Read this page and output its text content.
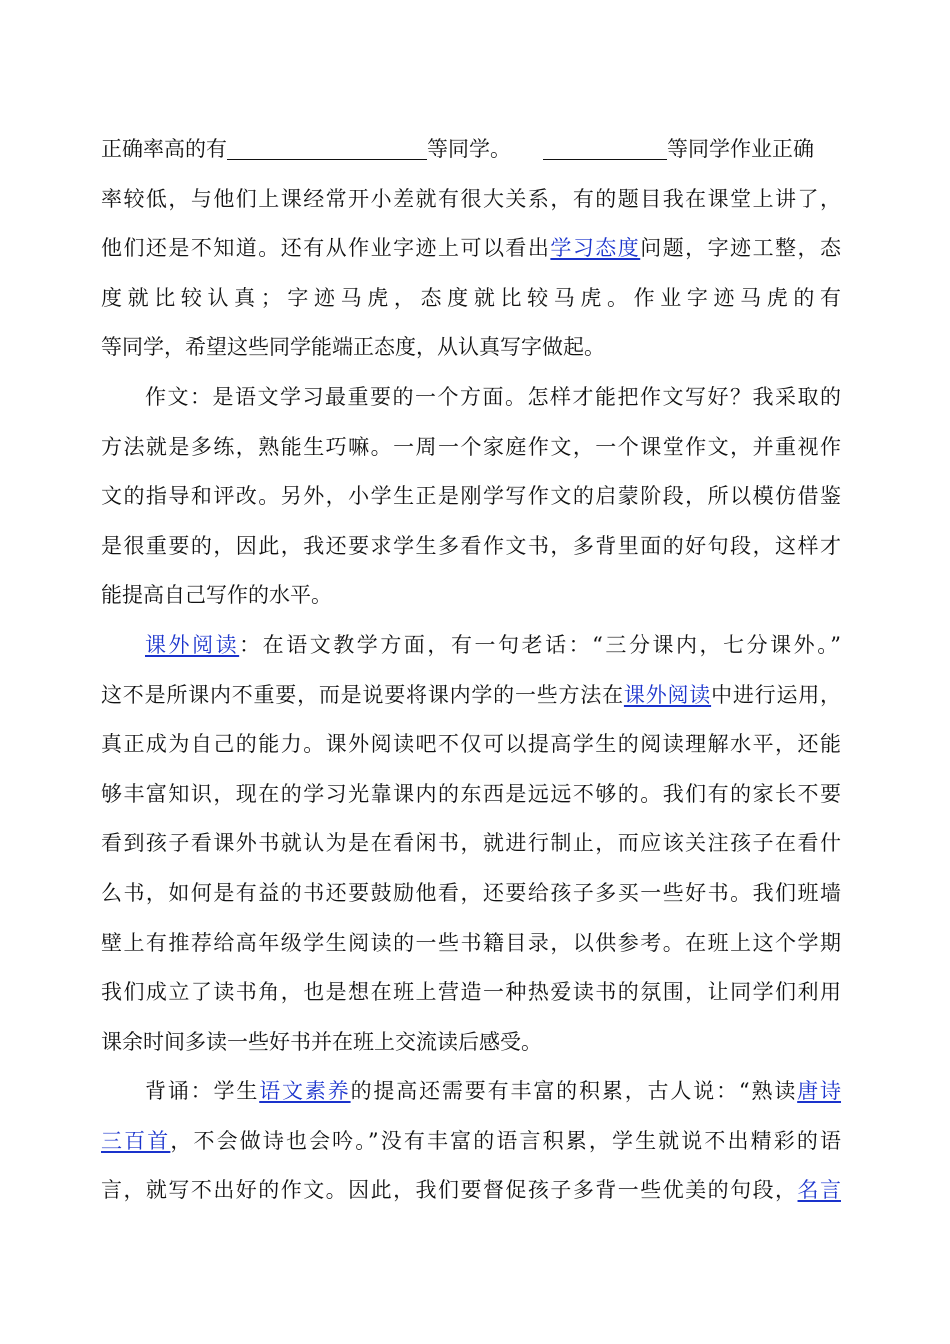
正确率高的有	等同学。	等同学作业正确
率较低，与他们上课经常开小差就有很大关系，有的题目我在课堂上讲了，
他们还是不知道。还有从作业字迹上可以看出学习态度问题，字迹工整，态
度就比较认真；字迹马虎，态度就比较马虎。作业字迹马虎的有
等同学，希望这些同学能端正态度，从认真写字做起。
作文：是语文学习最重要的一个方面。怎样才能把作文写好？我采取的
方法就是多练，熟能生巧嘛。一周一个家庭作文，一个课堂作文，并重视作
文的指导和评改。另外，小学生正是刚学写作文的启蒙阶段，所以模仿借鉴
是很重要的，因此，我还要求学生多看作文书，多背里面的好句段，这样才
能提高自己写作的水平。
课外阅读：在语文教学方面，有一句老话：“三分课内，七分课外。”
这不是所课内不重要，而是说要将课内学的一些方法在课外阅读中进行运用，
真正成为自己的能力。课外阅读吧不仅可以提高学生的阅读理解水平，还能
够丰富知识，现在的学习光靠课内的东西是远远不够的。我们有的家长不要
看到孩子看课外书就认为是在看闲书，就进行制止，而应该关注孩子在看什
么书，如何是有益的书还要鼓励他看，还要给孩子多买一些好书。我们班墙
壁上有推荐给高年级学生阅读的一些书籍目录，以供参考。在班上这个学期
我们成立了读书角，也是想在班上营造一种热爱读书的氛围，让同学们利用
课余时间多读一些好书并在班上交流读后感受。
背诵：学生语文素养的提高还需要有丰富的积累，古人说：“熟读唐诗
三百首，不会做诗也会吟。”没有丰富的语言积累，学生就说不出精彩的语
言，就写不出好的作文。因此，我们要督促孩子多背一些优美的句段，名言
